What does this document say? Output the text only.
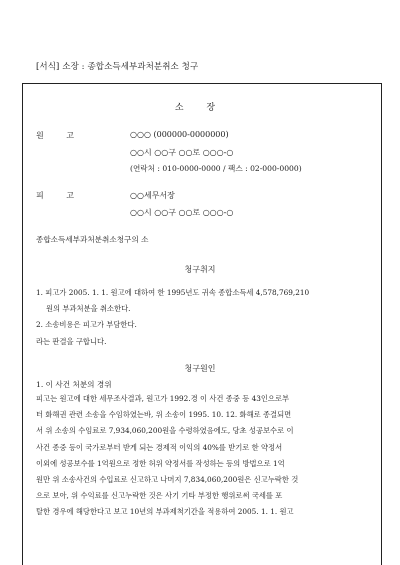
[서식] 소장 : 종합소득세부과처분취소 청구
소 장
원 고	○○○ (000000-0000000)
○○시 ○○구 ○○로 ○○○-○
(연락처 : 010-0000-0000 / 팩스 : 02-000-0000)
피 고	○○세무서장
○○시 ○○구 ○○로 ○○○-○
종합소득세부과처분취소청구의 소
청구취지
1. 피고가 2005. 1. 1. 원고에 대하여 한 1995년도 귀속 종합소득세 4,578,769,210
원의 부과처분을 취소한다.
2. 소송비용은 피고가 부담한다.
라는 판결을 구합니다.
청구원인
1. 이 사건 처분의 경위
피고는 원고에 대한 세무조사결과, 원고가 1992.경 이 사건 종중 등 43인으로부
터 화해권 관련 소송을 수임하였는바, 위 소송이 1995. 10. 12. 화해로 종결되면
서 위 소송의 수임료로 7,934,060,200원을 수령하였음에도, 당초 성공보수로 이
사건 종중 등이 국가로부터 받게 되는 경제적 이익의 40%를 받기로 한 약정서
이외에 성공보수를 1억원으로 정한 허위 약정서를 작성하는 등의 방법으로 1억
원만 위 소송사건의 수입료로 신고하고 나머지 7,834,060,200원은 신고누락한 것
으로 보아, 위 수익료를 신고누락한 것은 사기 기타 부정한 행위로써 국세를 포
탈한 경우에 해당한다고 보고 10년의 부과제척기간을 적용하여 2005. 1. 1. 원고
